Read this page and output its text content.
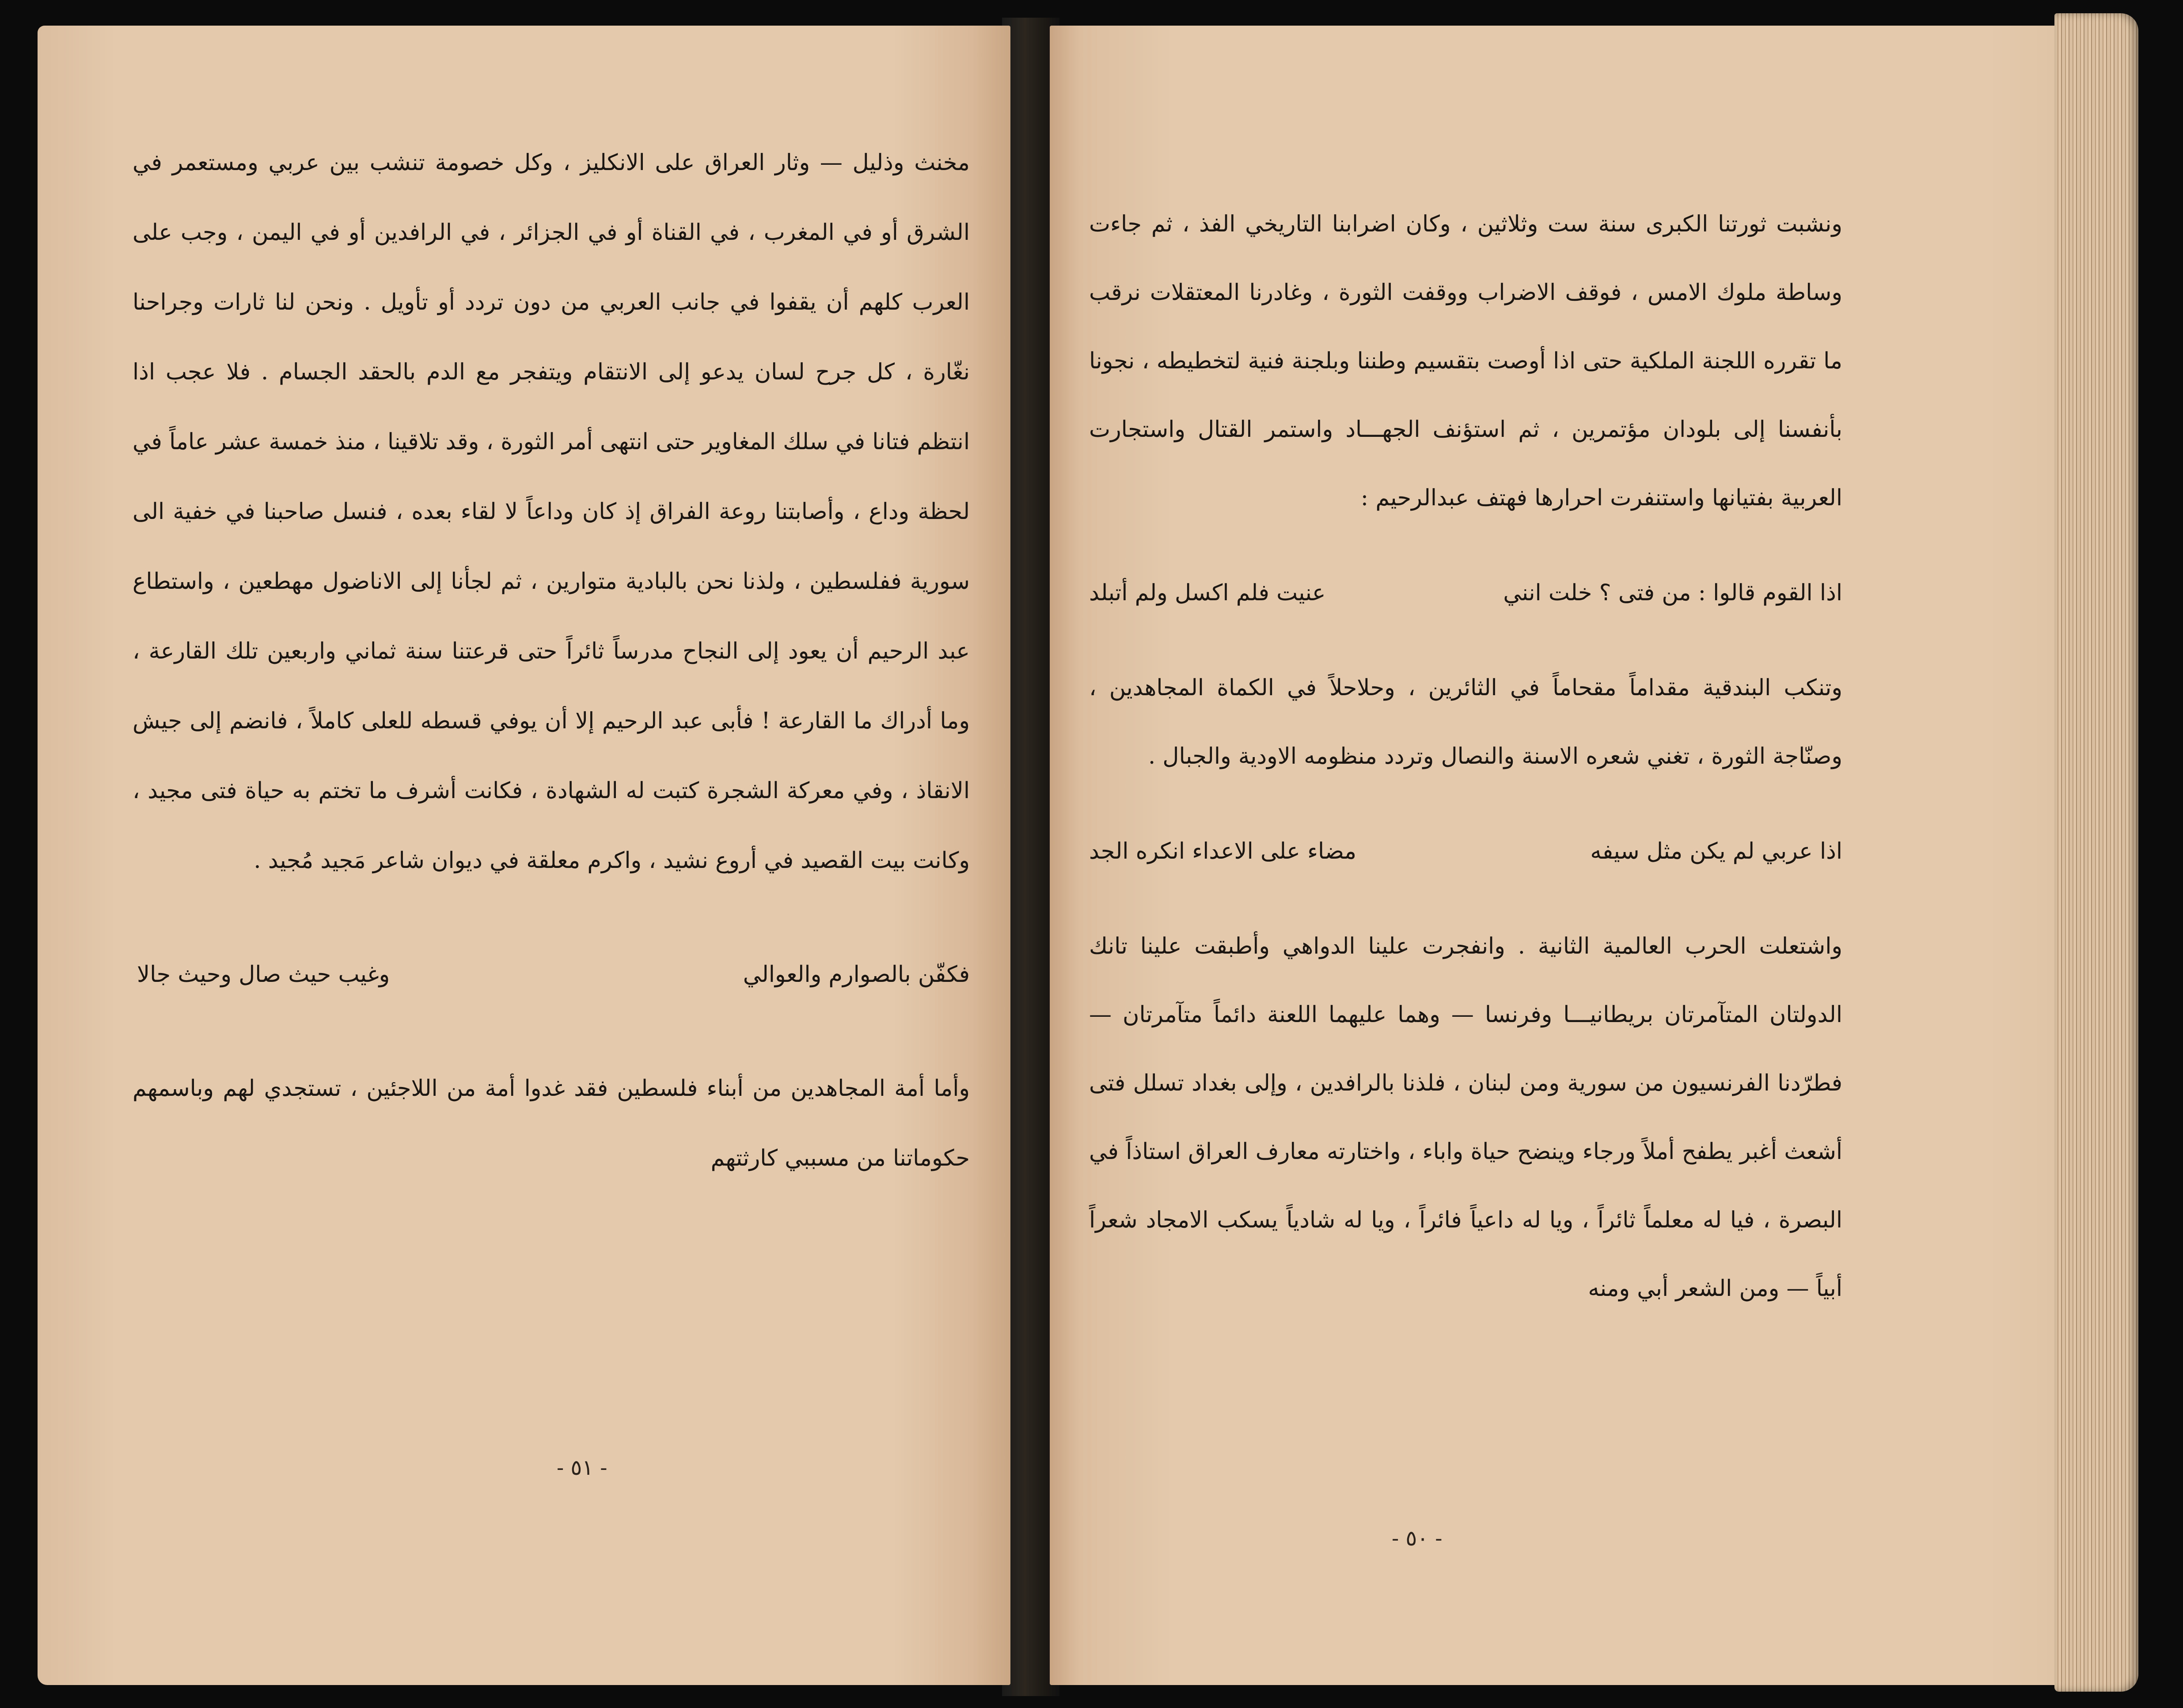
مخنث وذليل — وثار العراق على الانكليز ، وكل خصومة تنشب بين عربي ومستعمر في الشرق أو في المغرب ، في القناة أو في الجزائر ، في الرافدين أو في اليمن ، وجب على العرب كلهم أن يقفوا في جانب العربي من دون تردد أو تأويل . ونحن لنا ثارات وجراحنا نغّارة ، كل جرح لسان يدعو إلى الانتقام ويتفجر مع الدم بالحقد الجسام . فلا عجب اذا انتظم فتانا في سلك المغاوير حتى انتهى أمر الثورة ، وقد تلاقينا ، منذ خمسة عشر عاماً في لحظة وداع ، وأصابتنا روعة الفراق إذ كان وداعاً لا لقاء بعده ، فنسل صاحبنا في خفية الى سورية ففلسطين ، ولذنا نحن بالبادية متوارين ، ثم لجأنا إلى الاناضول مهطعين ، واستطاع عبد الرحيم أن يعود إلى النجاح مدرساً ثائراً حتى قرعتنا سنة ثماني واربعين تلك القارعة ، وما أدراك ما القارعة ! فأبى عبد الرحيم إلا أن يوفي قسطه للعلى كاملاً ، فانضم إلى جيش الانقاذ ، وفي معركة الشجرة كتبت له الشهادة ، فكانت أشرف ما تختم به حياة فتى مجيد ، وكانت بيت القصيد في أروع نشيد ، واكرم معلقة في ديوان شاعر مَجيد مُجيد .

فكفّن بالصوارم والعوالي
وغيب حيث صال وحيث جالا

وأما أمة المجاهدين من أبناء فلسطين فقد غدوا أمة من اللاجئين ، تستجدي لهم وباسمهم حكوماتنا من مسببي كارثتهم

- ٥١ -

ونشبت ثورتنا الكبرى سنة ست وثلاثين ، وكان اضرابنا التاريخي الفذ ، ثم جاءت وساطة ملوك الامس ، فوقف الاضراب ووقفت الثورة ، وغادرنا المعتقلات نرقب ما تقرره اللجنة الملكية حتى اذا أوصت بتقسيم وطننا وبلجنة فنية لتخطيطه ، نجونا بأنفسنا إلى بلودان مؤتمرين ، ثم استؤنف الجهـــاد واستمر القتال واستجارت العربية بفتيانها واستنفرت احرارها فهتف عبدالرحيم :

اذا القوم قالوا : من فتى ؟ خلت انني
عنيت فلم اكسل ولم أتبلد

وتنكب البندقية مقداماً مقحاماً في الثائرين ، وحلاحلاً في الكماة المجاهدين ، وصنّاجة الثورة ، تغني شعره الاسنة والنصال وتردد منظومه الاودية والجبال .

اذا عربي لم يكن مثل سيفه
مضاء على الاعداء انكره الجد

واشتعلت الحرب العالمية الثانية . وانفجرت علينا الدواهي وأطبقت علينا تانك الدولتان المتآمرتان بريطانيـــا وفرنسا — وهما عليهما اللعنة دائماً متآمرتان — فطرّدنا الفرنسيون من سورية ومن لبنان ، فلذنا بالرافدين ، وإلى بغداد تسلل فتى أشعث أغبر يطفح أملاً ورجاء وينضح حياة واباء ، واختارته معارف العراق استاذاً في البصرة ، فيا له معلماً ثائراً ، ويا له داعياً فائراً ، ويا له شادياً يسكب الامجاد شعراً أبياً — ومن الشعر أبي ومنه

- ٥٠ -
